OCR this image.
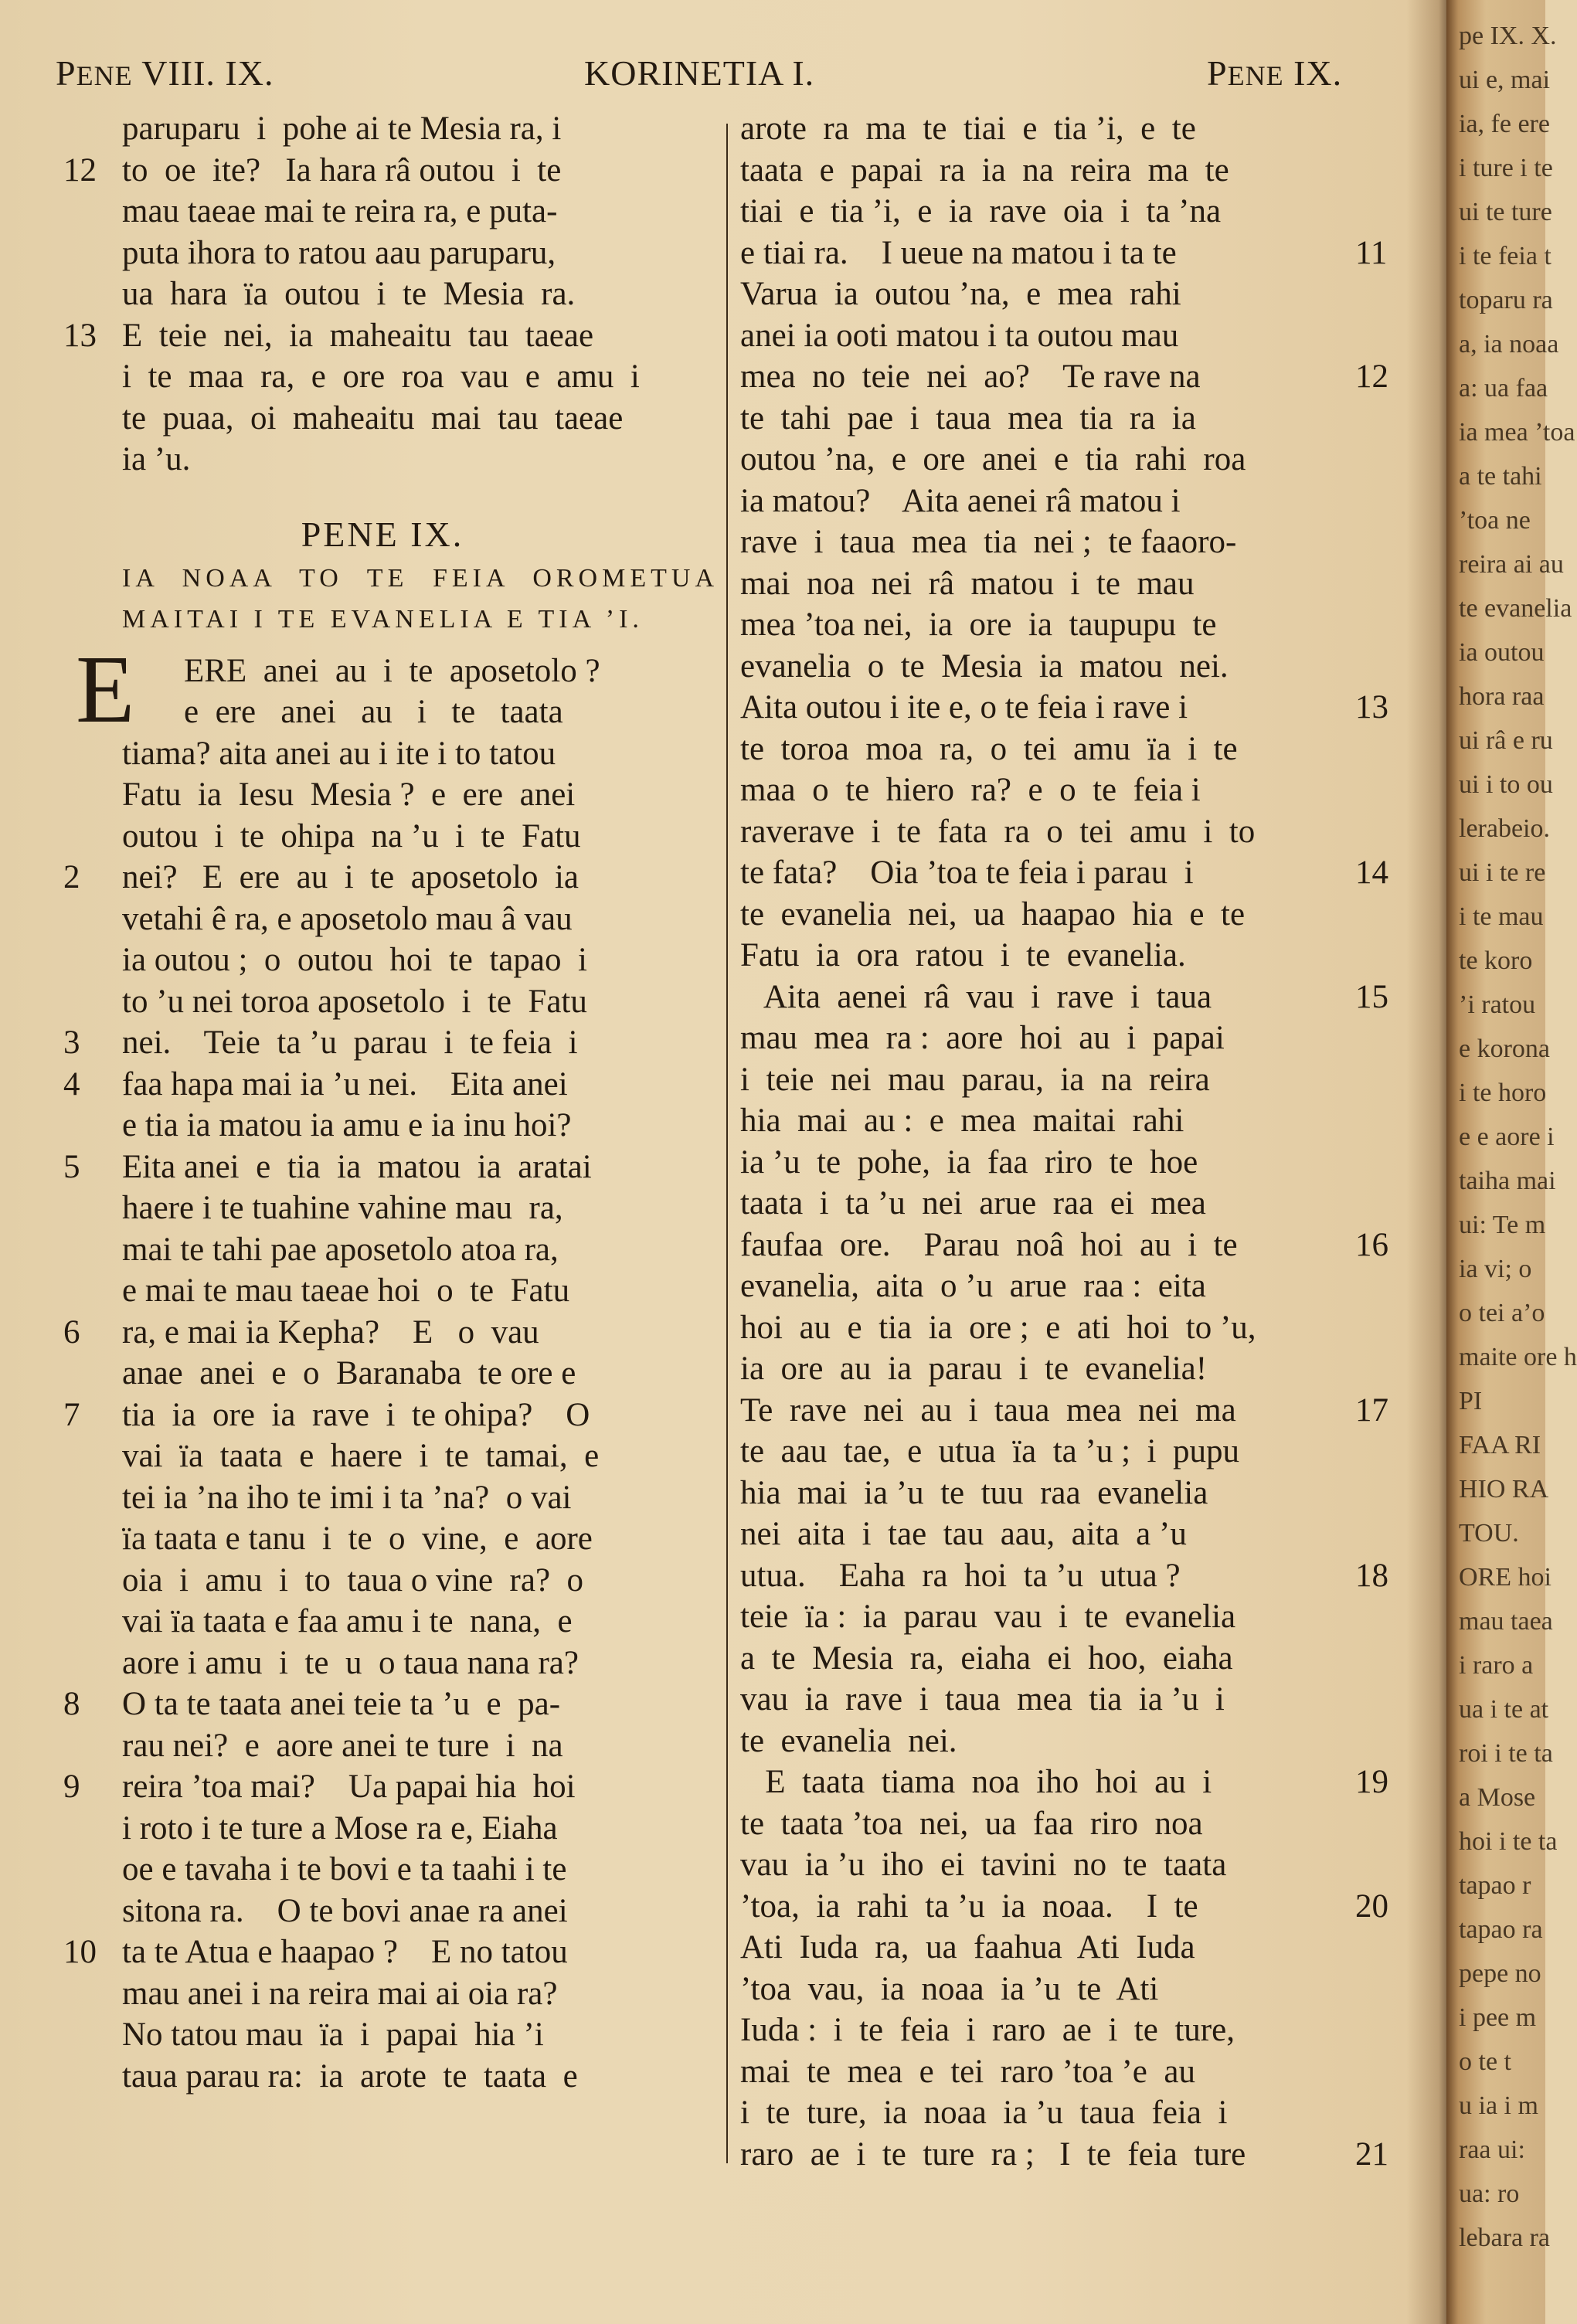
PENE VIII. IX.	KORINETIA I.	PENE IX.
paruparu  i  pohe ai te Mesia ra, i
12 to  oe  ite?   Ia hara râ outou  i  te
mau taeae mai te reira ra, e puta-
puta ihora to ratou aau paruparu,
ua  hara  ïa  outou  i  te  Mesia  ra.
13 E  teie  nei,  ia  maheaitu  tau  taeae
i  te  maa  ra,  e  ore  roa  vau  e  amu  i
te  puaa,  oi  maheaitu  mai  tau  taeae
ia ’u.
PENE IX.
IA NOAA TO TE FEIA OROMETUA MAITAI I TE EVANELIA E TIA ’I.
ERE  anei  au  i  te  aposetolo ?
e  ere   anei   au   i   te   taata
tiama? aita anei au i ite i to tatou
Fatu  ia  Iesu  Mesia ?  e  ere  anei
outou  i  te  ohipa  na ’u  i  te  Fatu
2 nei?   E  ere  au  i  te  aposetolo  ia
vetahi ê ra, e aposetolo mau â vau
ia outou ;  o  outou  hoi  te  tapao  i
to ’u nei toroa aposetolo  i  te  Fatu
3 nei.    Teie  ta ’u  parau  i  te feia  i
4 faa hapa mai ia ’u nei.    Eita anei
e tia ia matou ia amu e ia inu hoi?
5 Eita anei  e  tia  ia  matou  ia  aratai
haere i te tuahine vahine mau  ra,
mai te tahi pae aposetolo atoa ra,
e mai te mau taeae hoi  o  te  Fatu
6 ra, e mai ia Kepha?    E   o  vau
anae  anei  e  o  Baranaba  te ore e
7 tia  ia  ore  ia  rave  i  te ohipa?    O
vai  ïa  taata  e  haere  i  te  tamai,  e
tei ia ’na iho te imi i ta ’na?  o vai
ïa taata e tanu  i  te  o  vine,  e  aore
oia  i  amu  i  to  taua o vine  ra?  o
vai ïa taata e faa amu i te  nana,  e
aore i amu  i  te  u  o taua nana ra?
8 O ta te taata anei teie ta ’u  e  pa-
rau nei?  e  aore anei te ture  i  na
9 reira ’toa mai?    Ua papai hia  hoi
i roto i te ture a Mose ra e, Eiaha
oe e tavaha i te bovi e ta taahi i te
sitona ra.    O te bovi anae ra anei
10 ta te Atua e haapao ?    E no tatou
mau anei i na reira mai ai oia ra?
No tatou mau  ïa  i  papai  hia ’i
taua parau ra:  ia  arote  te  taata  e
E
arote  ra  ma  te  tiai  e  tia ’i,  e  te
taata  e  papai  ra  ia  na  reira  ma  te
tiai  e  tia ’i,  e  ia  rave  oia  i  ta ’na
11
e tiai ra.    I ueue na matou i ta te
Varua  ia  outou ’na,  e  mea  rahi
anei ia ooti matou i ta outou mau
12
mea  no  teie  nei  ao?    Te rave na
te  tahi  pae  i  taua  mea  tia  ra  ia
outou ’na,  e  ore  anei  e  tia  rahi  roa
ia matou?    Aita aenei râ matou i
rave  i  taua  mea  tia  nei ;  te faaoro-
mai  noa  nei  râ  matou  i  te  mau
mea ’toa nei,  ia  ore  ia  taupupu  te
evanelia  o  te  Mesia  ia  matou  nei.
13
Aita outou i ite e, o te feia i rave i
te  toroa  moa  ra,  o  tei  amu  ïa  i  te
maa  o  te  hiero  ra?  e  o  te  feia i
raverave  i  te  fata  ra  o  tei  amu  i  to
14
te fata?    Oia ’toa te feia i parau  i
te  evanelia  nei,  ua  haapao  hia  e  te
Fatu  ia  ora  ratou  i  te  evanelia.
15
Aita  aenei  râ  vau  i  rave  i  taua
mau  mea  ra :  aore  hoi  au  i  papai
i  teie  nei  mau  parau,  ia  na  reira
hia  mai  au :  e  mea  maitai  rahi
ia ’u  te  pohe,  ia  faa  riro  te  hoe
taata  i  ta ’u  nei  arue  raa  ei  mea
16
faufaa  ore.    Parau  noâ  hoi  au  i  te
evanelia,  aita  o ’u  arue  raa :  eita
hoi  au  e  tia  ia  ore ;  e  ati  hoi  to ’u,
ia  ore  au  ia  parau  i  te  evanelia!
17
Te  rave  nei  au  i  taua  mea  nei  ma
te  aau  tae,  e  utua  ïa  ta ’u ;  i  pupu
hia  mai  ia ’u  te  tuu  raa  evanelia
nei  aita  i  tae  tau  aau,  aita  a ’u
18
utua.    Eaha  ra  hoi  ta ’u  utua ?
teie  ïa :  ia  parau  vau  i  te  evanelia
a  te  Mesia  ra,  eiaha  ei  hoo,  eiaha
vau  ia  rave  i  taua  mea  tia  ia ’u  i
te  evanelia  nei.
19
E  taata  tiama  noa  iho  hoi  au  i
te  taata ’toa  nei,  ua  faa  riro  noa
vau  ia ’u  iho  ei  tavini  no  te  taata
20
’toa,  ia  rahi  ta ’u  ia  noaa.    I  te
Ati  Iuda  ra,  ua  faahua  Ati  Iuda
’toa  vau,  ia  noaa  ia ’u  te  Ati
Iuda :  i  te  feia  i  raro  ae  i  te  ture,
mai  te  mea  e  tei  raro ’toa ’e  au
i  te  ture,  ia  noaa  ia ’u  taua  feia  i
21
raro  ae  i  te  ture  ra ;   I  te  feia  ture
pe IX. X.
ui e, mai
ia, fe ere
i ture i te
ui te ture
i te feia t
toparu ra
a, ia noaa
a: ua faa
ia mea ’toa
a te tahi
’toa ne
reira ai au
te evanelia
ia outou
hora raa
ui râ e ru
ui i to ou
lerabeio.
ui i te re
i te mau
te koro
’i ratou
e korona
i te horo
e e aore i
taiha mai
ui: Te m
ia vi; o
o tei a’o
maite ore h
PI
FAA RI
HIO RA
TOU.
ORE hoi
mau taea
i raro a
ua i te at
roi i te ta
a Mose
hoi i te ta
tapao r
tapao ra
pepe no
i pee m
o te t
u ia i m
raa ui:
ua: ro
lebara ra
